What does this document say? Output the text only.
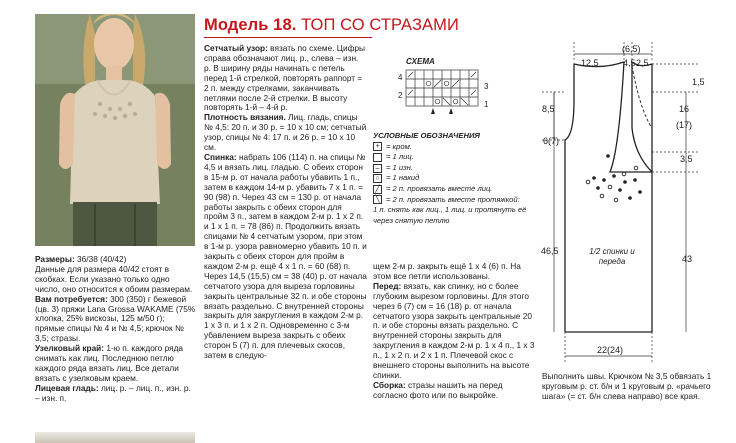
Модель 18. ТОП СО СТРАЗАМИ

Размеры: 36/38 (40/42)

Данные для размера 40/42 стоят в скобках. Если указано только одно число, оно относится к обоим размерам.

Вам потребуется: 300 (350) г бежевой (цв. 3) пряжи Lana Grossa WAKAME (75% хлопка, 25% вискозы, 125 м/50 г); прямые спицы № 4 и № 4,5; крючок № 3,5; стразы.

Узелковый край: 1-ю п. каждого ряда снимать как лиц. Последнюю петлю каждого ряда вязать лиц. Все детали вязать с узелковым краем.

Лицевая гладь: лиц. р. – лиц. п., изн. р. – изн. п.

Сетчатый узор: вязать по схеме. Цифры справа обозначают лиц. р., слева – изн. р. В ширину ряды начинать с петель перед 1-й стрелкой, повторять раппорт = 2 п. между стрелками, заканчивать петлями после 2-й стрелки. В высоту повторять 1-й – 4-й р.

Плотность вязания. Лиц. гладь, спицы № 4,5: 20 п. и 30 р. = 10 х 10 см; сетчатый узор, спицы № 4: 17 п. и 26 р. = 10 х 10 см.

Спинка: набрать 106 (114) п. на спицы № 4,5 и вязать лиц. гладью. С обеих сторон в 15-м р. от начала работы убавить 1 п., затем в каждом 14-м р. убавить 7 х 1 п. = 90 (98) п. Через 43 см = 130 р. от начала работы закрыть с обеих сторон для пройм 3 п., затем в каждом 2-м р. 1 х 2 п. и 1 х 1 п. = 78 (86) п. Продолжить вязать спицами № 4 сетчатым узором, при этом в 1-м р. узора равномерно убавить 10 п. и закрыть с обеих сторон для пройм в каждом 2-м р. ещё 4 х 1 п. = 60 (68) п. Через 14,5 (15,5) см = 38 (40) р. от начала сетчатого узора для выреза горловины закрыть центральные 32 п. и обе стороны вязать раздельно. С внутренней стороны закрыть для закругления в каждом 2-м р. 1 х 3 п. и 1 х 2 п. Одновременно с 3-м убавлением выреза закрыть с обеих сторон 5 (7) п. для плечевых скосов, затем в следую-

щем 2-м р. закрыть ещё 1 х 4 (6) п. На этом все петли использованы.

Перед: вязать, как спинку, но с более глубоким вырезом горловины. Для этого через 6 (7) см = 16 (18) р. от начала сетчатого узора закрыть центральные 20 п. и обе стороны вязать раздельно. С внутренней стороны закрыть для закругления в каждом 2-м р. 1 х 4 п., 1 х 3 п., 1 х 2 п. и 2 х 1 п. Плечевой скос с внешнего стороны выполнить на высоте спинки.

Сборка: стразы нашить на перед согласно фото или по выкройке.

СХЕМА
4
2
3
1
УСЛОВНЫЕ ОБОЗНАЧЕНИЯ
+ = кром.
= 1 лиц.
– = 1 изн.
○ = 1 накид
╱ = 2 п. провязать вместе лиц.
╲ = 2 п. провязать вместе протяжкой:
1 п. снять как лиц., 1 лиц. и протянуть её через снятую петлю
(6,5)
12,5	4,5 2,5
1,5
8,5
6(7)
16
(17)
3,5
46,5
43
22(24)
1/2 спинки и переда
Выполнить швы. Крючком № 3,5 обвязать 1 круговым р. ст. б/н и 1 круговым р. «рачьего шага» (= ст. б/н слева направо) все края.
